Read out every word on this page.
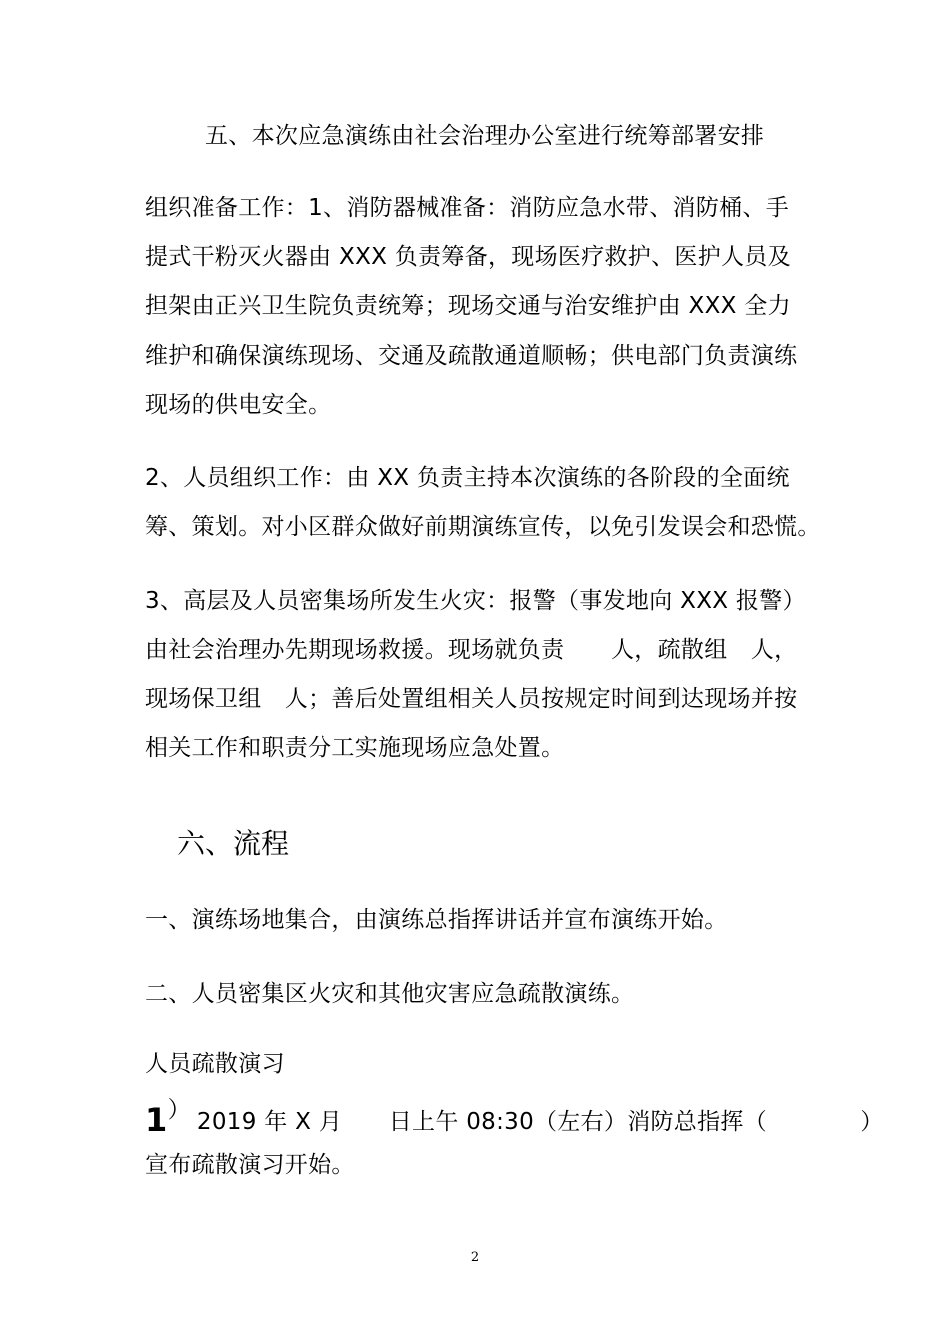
五、本次应急演练由社会治理办公室进行统筹部署安排
组织准备工作：1、消防器械准备：消防应急水带、消防桶、手
提式干粉灭火器由 XXX 负责筹备，现场医疗救护、医护人员及
担架由正兴卫生院负责统筹；现场交通与治安维护由 XXX 全力
维护和确保演练现场、交通及疏散通道顺畅；供电部门负责演练
现场的供电安全。
2、人员组织工作：由 XX 负责主持本次演练的各阶段的全面统
筹、策划。对小区群众做好前期演练宣传，以免引发误会和恐慌。
3、高层及人员密集场所发生火灾：报警（事发地向 XXX 报警）
由社会治理办先期现场救援。现场就负责　　人，疏散组　人，
现场保卫组　人；善后处置组相关人员按规定时间到达现场并按
相关工作和职责分工实施现场应急处置。
六、流程
一、演练场地集合，由演练总指挥讲话并宣布演练开始。
二、人员密集区火灾和其他灾害应急疏散演练。
人员疏散演习
1） 2019 年 X 月　　日上午 08:30（左右）消防总指挥（　　　　）
宣布疏散演习开始。
2
